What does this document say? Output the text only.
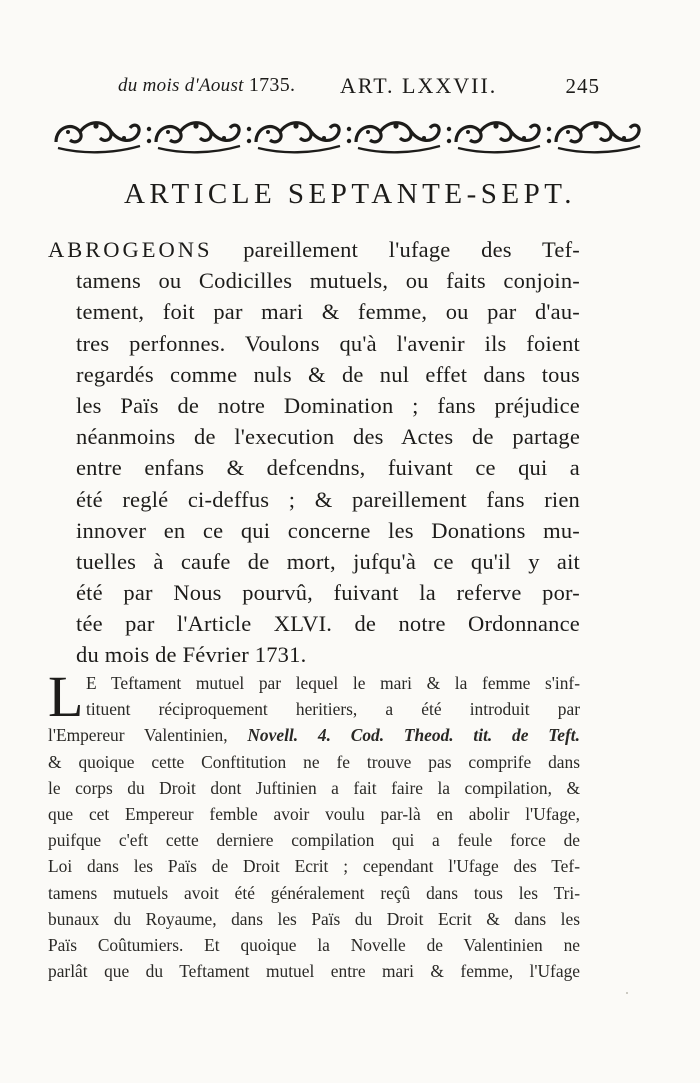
du mois d'Aoust 1735. ART. LXXVII.	245
ARTICLE SEPTANTE-SEPT.
ABROGEONS pareillement l'ufage des Tef-
tamens ou Codicilles mutuels, ou faits conjoin-
tement, foit par mari & femme, ou par d'au-
tres perfonnes. Voulons qu'à l'avenir ils foient
regardés comme nuls & de nul effet dans tous
les Païs de notre Domination ; fans préjudice
néanmoins de l'execution des Actes de partage
entre enfans & defcendns, fuivant ce qui a
été reglé ci-deffus ; & pareillement fans rien
innover en ce qui concerne les Donations mu-
tuelles à caufe de mort, jufqu'à ce qu'il y ait
été par Nous pourvû, fuivant la referve por-
tée par l'Article XLVI. de notre Ordonnance
du mois de Février 1731.
L E Teftament mutuel par lequel le mari & la femme s'inf-
tituent réciproquement heritiers, a été introduit par
l'Empereur Valentinien, Novell. 4. Cod. Theod. tit. de Teft.
& quoique cette Conftitution ne fe trouve pas comprife dans
le corps du Droit dont Juftinien a fait faire la compilation, &
que cet Empereur femble avoir voulu par-là en abolir l'Ufage,
puifque c'eft cette derniere compilation qui a feule force de
Loi dans les Païs de Droit Ecrit ; cependant l'Ufage des Tef-
tamens mutuels avoit été généralement reçû dans tous les Tri-
bunaux du Royaume, dans les Païs du Droit Ecrit & dans les
Païs Coûtumiers. Et quoique la Novelle de Valentinien ne
parlât que du Teftament mutuel entre mari & femme, l'Ufage
